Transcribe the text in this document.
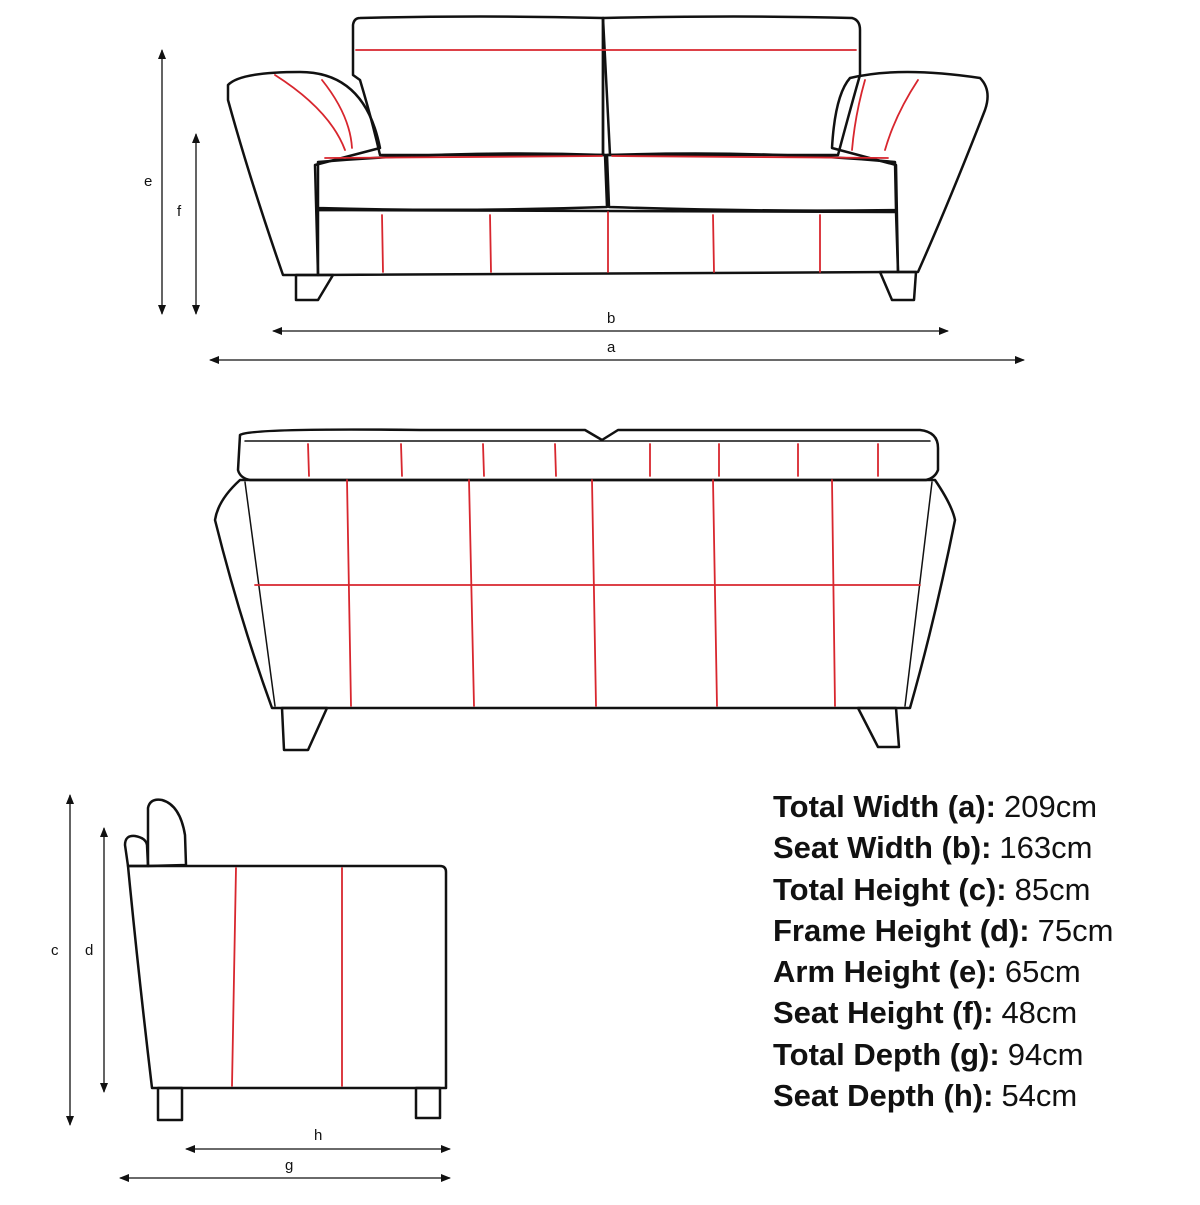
e
f
b
a
c d
h
g
Total Width (a): 209cm
Seat Width (b): 163cm
Total Height (c): 85cm
Frame Height (d): 75cm
Arm Height (e): 65cm
Seat Height (f): 48cm
Total Depth (g): 94cm
Seat Depth (h): 54cm
